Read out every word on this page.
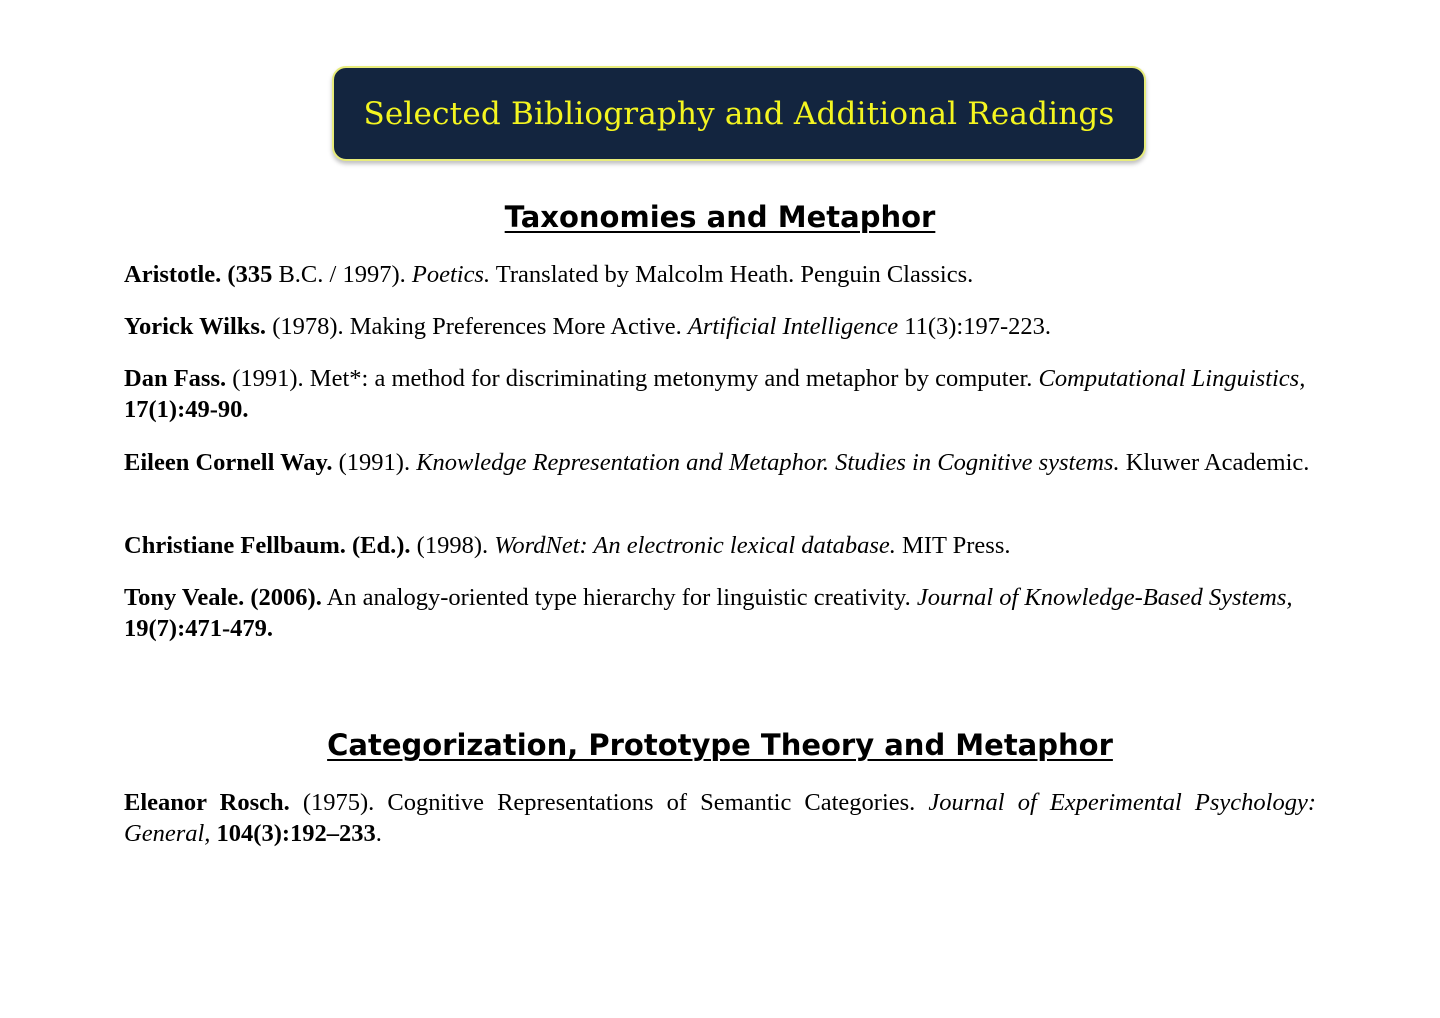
Selected Bibliography and Additional Readings
Taxonomies and Metaphor
Aristotle. (335 B.C. / 1997). Poetics. Translated by Malcolm Heath. Penguin Classics.
Yorick Wilks. (1978). Making Preferences More Active. Artificial Intelligence 11(3):197-223.
Dan Fass. (1991). Met*: a method for discriminating metonymy and metaphor by computer. Computational Linguistics, 17(1):49-90.
Eileen Cornell Way. (1991). Knowledge Representation and Metaphor. Studies in Cognitive systems. Kluwer Academic.
Christiane Fellbaum. (Ed.). (1998). WordNet: An electronic lexical database. MIT Press.
Tony Veale. (2006). An analogy-oriented type hierarchy for linguistic creativity. Journal of Knowledge-Based Systems, 19(7):471-479.
Categorization, Prototype Theory and Metaphor
Eleanor Rosch. (1975). Cognitive Representations of Semantic Categories. Journal of Experimental Psychology: General, 104(3):192–233.
